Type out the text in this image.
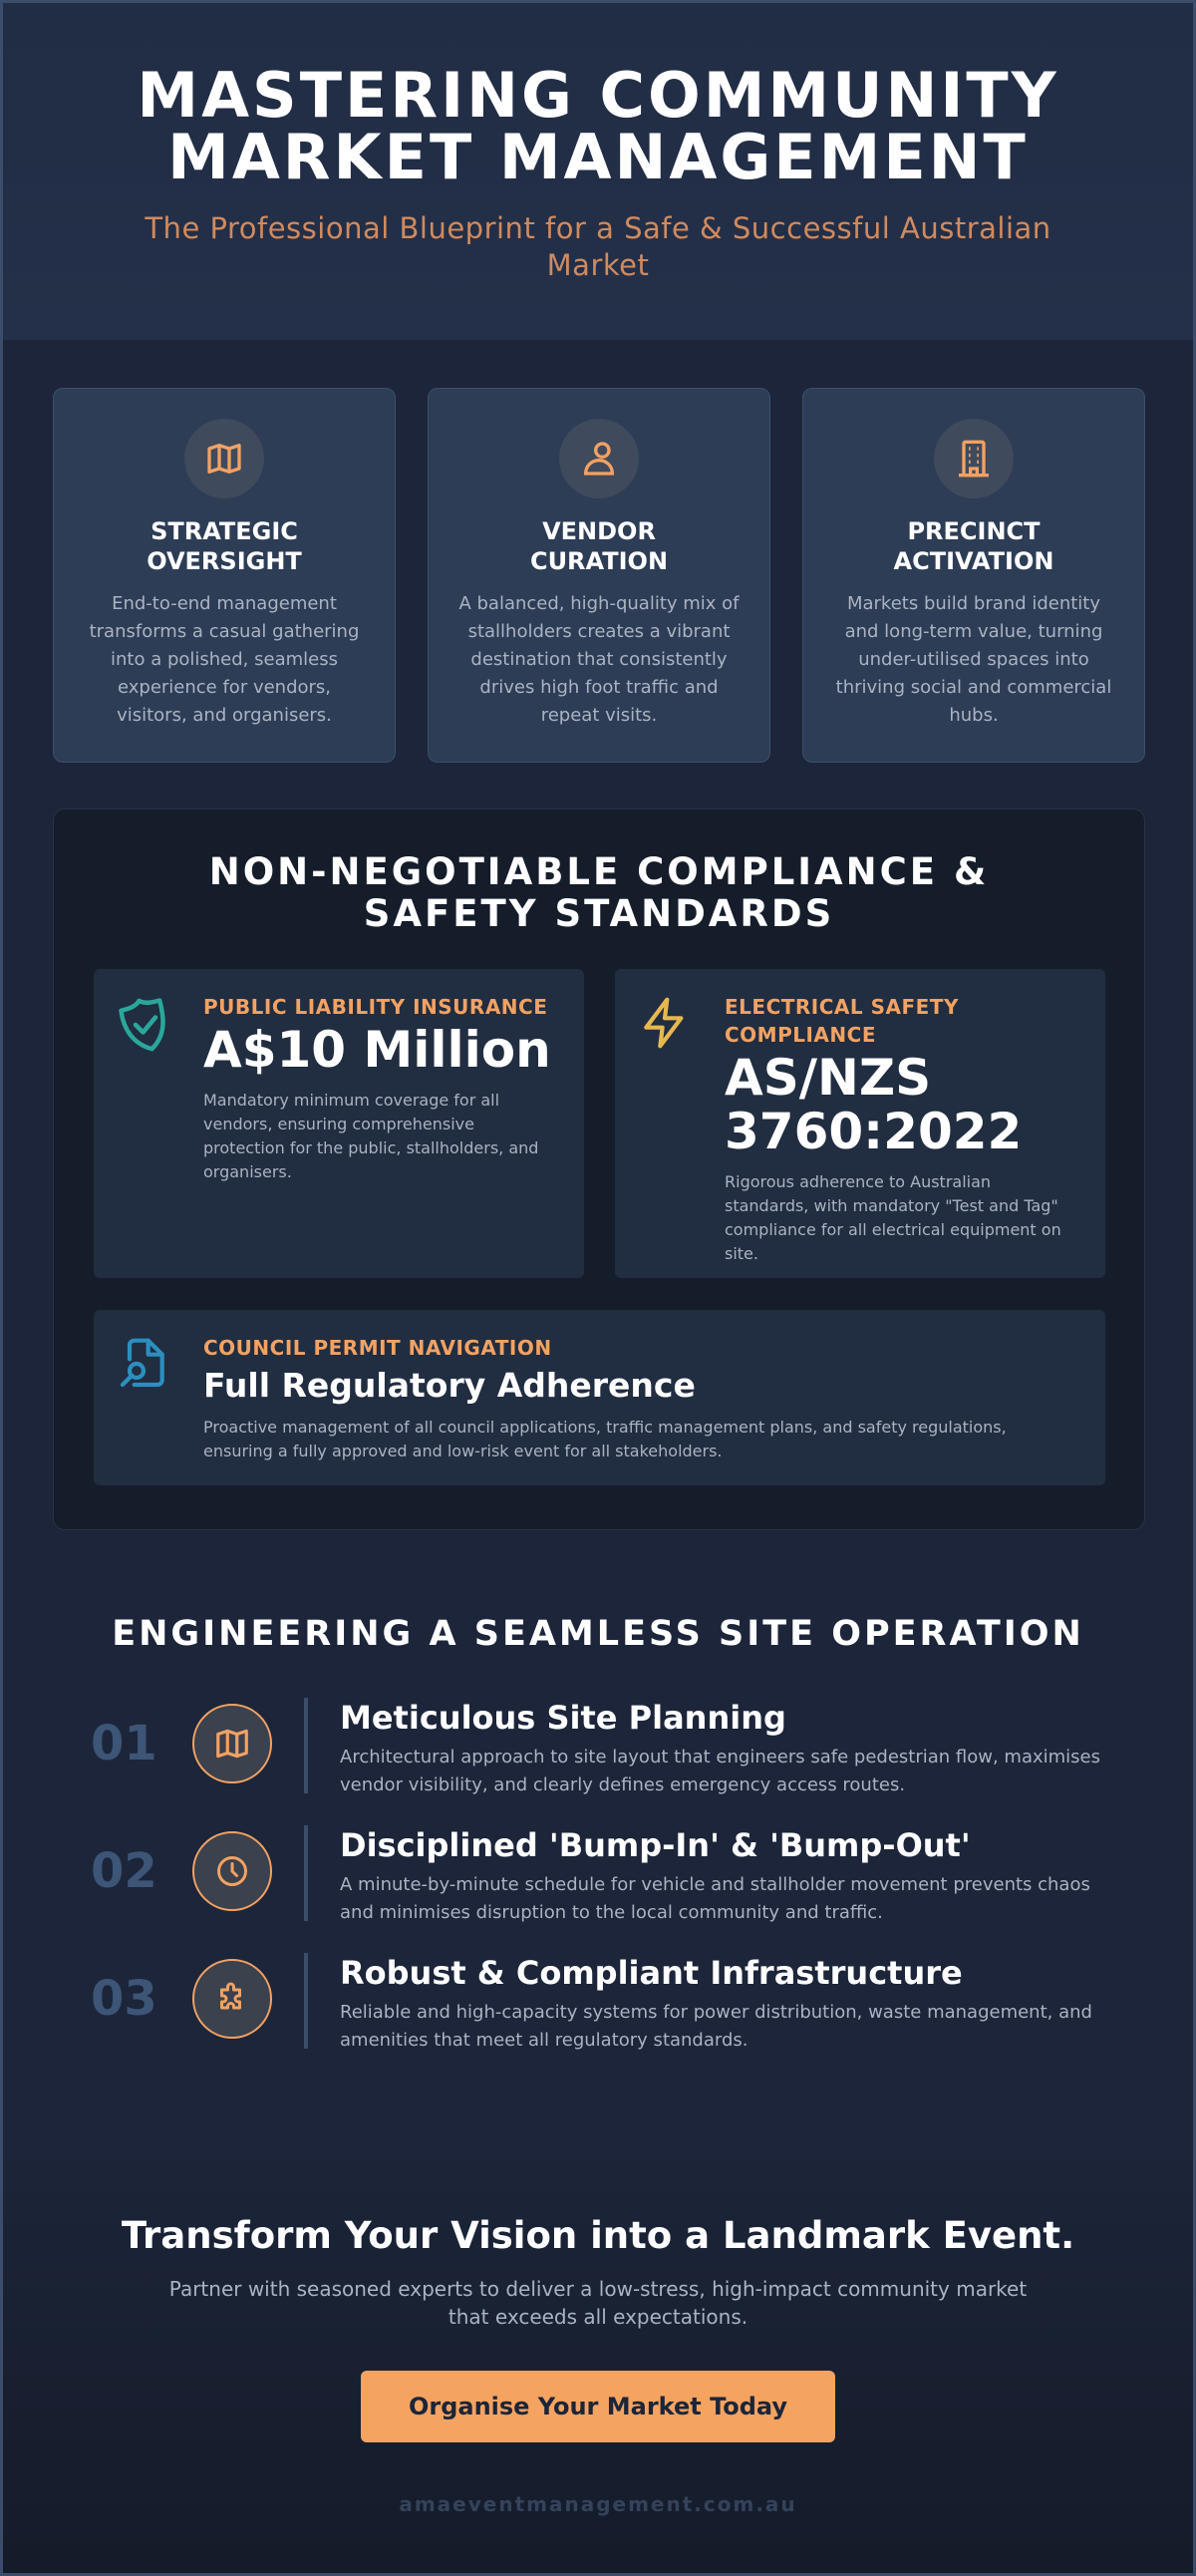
MASTERING COMMUNITY MARKET MANAGEMENT
The Professional Blueprint for a Safe & Successful Australian Market
STRATEGIC OVERSIGHT

End-to-end management transforms a casual gathering into a polished, seamless experience for vendors, visitors, and organisers.

VENDOR CURATION

A balanced, high-quality mix of stallholders creates a vibrant destination that consistently drives high foot traffic and repeat visits.

PRECINCT ACTIVATION

Markets build brand identity and long-term value, turning under-utilised spaces into thriving social and commercial hubs.

NON-NEGOTIABLE COMPLIANCE & SAFETY STANDARDS
PUBLIC LIABILITY INSURANCE
A$10 Million
Mandatory minimum coverage for all vendors, ensuring comprehensive protection for the public, stallholders, and organisers.
ELECTRICAL SAFETY COMPLIANCE
AS/NZS 3760:2022
Rigorous adherence to Australian standards, with mandatory "Test and Tag" compliance for all electrical equipment on site.
COUNCIL PERMIT NAVIGATION
Full Regulatory Adherence
Proactive management of all council applications, traffic management plans, and safety regulations, ensuring a fully approved and low-risk event for all stakeholders.
ENGINEERING A SEAMLESS SITE OPERATION
01	Meticulous Site Planning

Architectural approach to site layout that engineers safe pedestrian flow, maximises vendor visibility, and clearly defines emergency access routes.

02	Disciplined 'Bump-In' & 'Bump-Out'

A minute-by-minute schedule for vehicle and stallholder movement prevents chaos and minimises disruption to the local community and traffic.

03	Robust & Compliant Infrastructure

Reliable and high-capacity systems for power distribution, waste management, and amenities that meet all regulatory standards.

Transform Your Vision into a Landmark Event.

Partner with seasoned experts to deliver a low-stress, high-impact community market that exceeds all expectations.

Organise Your Market Today
amaeventmanagement.com.au
